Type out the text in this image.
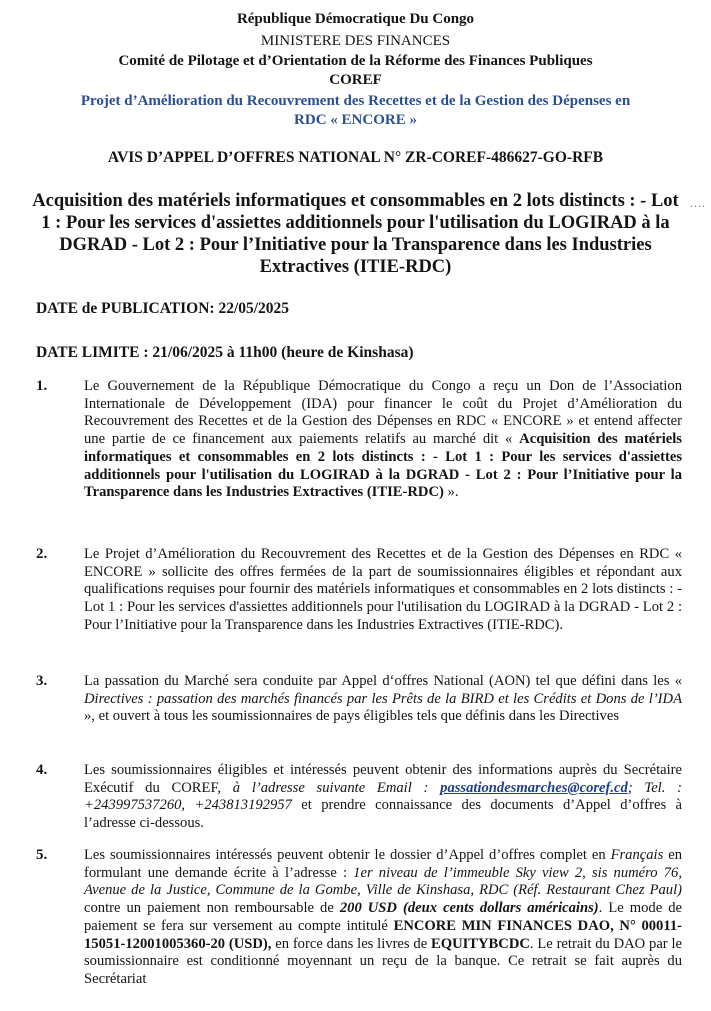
République Démocratique Du Congo
MINISTERE DES FINANCES
Comité de Pilotage et d’Orientation de la Réforme des Finances Publiques
COREF
Projet d’Amélioration du Recouvrement des Recettes et de la Gestion des Dépenses en
RDC « ENCORE »
AVIS D’APPEL D’OFFRES NATIONAL N° ZR-COREF-486627-GO-RFB
Acquisition des matériels informatiques et consommables en 2 lots distincts : - Lot 1 : Pour les services d'assiettes additionnels pour l'utilisation du LOGIRAD à la DGRAD - Lot 2 : Pour l’Initiative pour la Transparence dans les Industries Extractives (ITIE-RDC)
....
DATE de PUBLICATION: 22/05/2025
DATE LIMITE : 21/06/2025 à 11h00 (heure de Kinshasa)
1.	Le Gouvernement de la République Démocratique du Congo a reçu un Don de l’Association Internationale de Développement (IDA) pour financer le coût du Projet d’Amélioration du Recouvrement des Recettes et de la Gestion des Dépenses en RDC « ENCORE » et entend affecter une partie de ce financement aux paiements relatifs au marché dit « Acquisition des matériels informatiques et consommables en 2 lots distincts : - Lot 1 : Pour les services d'assiettes additionnels pour l'utilisation du LOGIRAD à la DGRAD - Lot 2 : Pour l’Initiative pour la Transparence dans les Industries Extractives (ITIE-RDC) ».
2.	Le Projet d’Amélioration du Recouvrement des Recettes et de la Gestion des Dépenses en RDC « ENCORE » sollicite des offres fermées de la part de soumissionnaires éligibles et répondant aux qualifications requises pour fournir des matériels informatiques et consommables en 2 lots distincts : - Lot 1 : Pour les services d'assiettes additionnels pour l'utilisation du LOGIRAD à la DGRAD - Lot 2 : Pour l’Initiative pour la Transparence dans les Industries Extractives (ITIE-RDC).
3.	La passation du Marché sera conduite par Appel d‘offres National (AON) tel que défini dans les « Directives : passation des marchés financés par les Prêts de la BIRD et les Crédits et Dons de l’IDA », et ouvert à tous les soumissionnaires de pays éligibles tels que définis dans les Directives
4.	Les soumissionnaires éligibles et intéressés peuvent obtenir des informations auprès du Secrétaire Exécutif du COREF, à l’adresse suivante Email : passationdesmarches@coref.cd; Tel. : +243997537260, +243813192957 et prendre connaissance des documents d’Appel d’offres à l’adresse ci-dessous.
5.	Les soumissionnaires intéressés peuvent obtenir le dossier d’Appel d’offres complet en Français en formulant une demande écrite à l’adresse : 1er niveau de l’immeuble Sky view 2, sis numéro 76, Avenue de la Justice, Commune de la Gombe, Ville de Kinshasa, RDC (Réf. Restaurant Chez Paul) contre un paiement non remboursable de 200 USD (deux cents dollars américains). Le mode de paiement se fera sur versement au compte intitulé ENCORE MIN FINANCES DAO, N° 00011-15051-12001005360-20 (USD), en force dans les livres de EQUITYBCDC. Le retrait du DAO par le soumissionnaire est conditionné moyennant un reçu de la banque. Ce retrait se fait auprès du Secrétariat
